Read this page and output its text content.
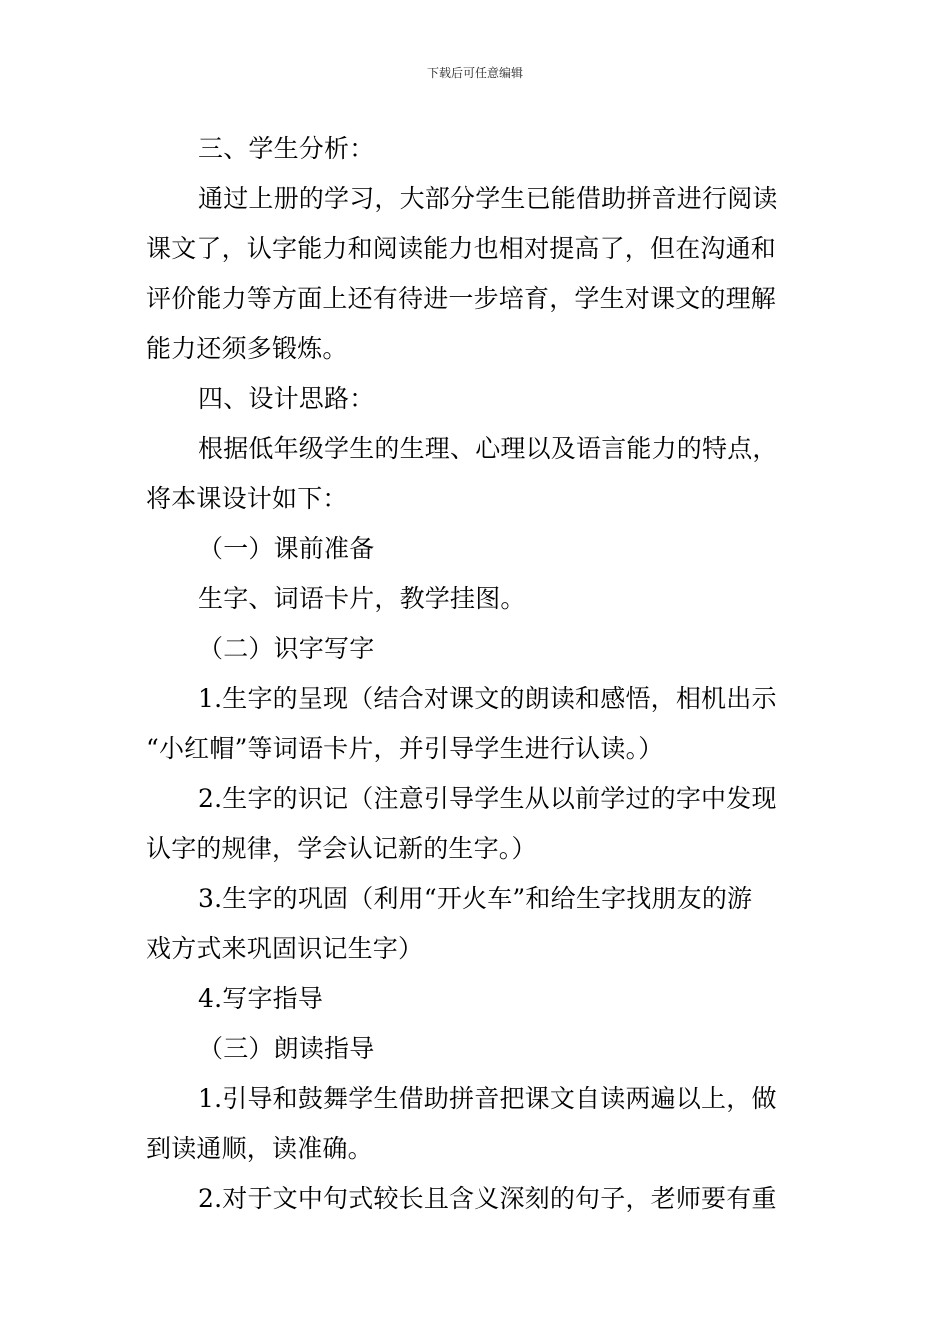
下载后可任意编辑
三、学生分析：
通过上册的学习，大部分学生已能借助拼音进行阅读
课文了，认字能力和阅读能力也相对提高了，但在沟通和
评价能力等方面上还有待进一步培育，学生对课文的理解
能力还须多锻炼。
四、设计思路：
根据低年级学生的生理、心理以及语言能力的特点，
将本课设计如下：
（一）课前准备
生字、词语卡片，教学挂图。
（二）识字写字
1.生字的呈现（结合对课文的朗读和感悟，相机出示
“小红帽”等词语卡片，并引导学生进行认读。）
2.生字的识记（注意引导学生从以前学过的字中发现
认字的规律，学会认记新的生字。）
3.生字的巩固（利用“开火车”和给生字找朋友的游
戏方式来巩固识记生字）
4.写字指导
（三）朗读指导
1.引导和鼓舞学生借助拼音把课文自读两遍以上，做
到读通顺，读准确。
2.对于文中句式较长且含义深刻的句子，老师要有重
